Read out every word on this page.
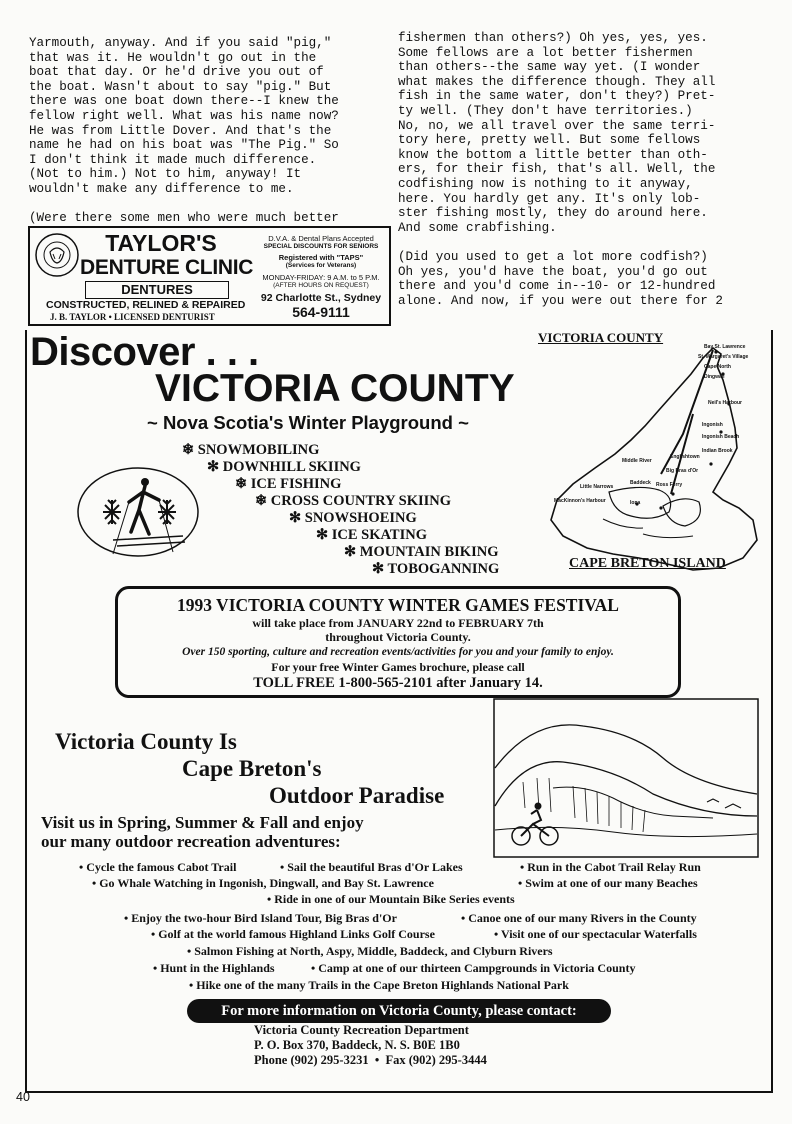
Yarmouth, anyway. And if you said "pig,"
that was it. He wouldn't go out in the
boat that day. Or he'd drive you out of
the boat. Wasn't about to say "pig." But
there was one boat down there--I knew the
fellow right well. What was his name now?
He was from Little Dover. And that's the
name he had on his boat was "The Pig." So
I don't think it made much difference.
(Not to him.) Not to him, anyway! It
wouldn't make any difference to me.
(Were there some men who were much better
fishermen than others?) Oh yes, yes, yes.
Some fellows are a lot better fishermen
than others--the same way yet. (I wonder
what makes the difference though. They all
fish in the same water, don't they?) Pret-
ty well. (They don't have territories.)
No, no, we all travel over the same terri-
tory here, pretty well. But some fellows
know the bottom a little better than oth-
ers, for their fish, that's all. Well, the
codfishing now is nothing to it anyway,
here. You hardly get any. It's only lob-
ster fishing mostly, they do around here.
And some crabfishing.
(Did you used to get a lot more codfish?)
Oh yes, you'd have the boat, you'd go out
there and you'd come in--10- or 12-hundred
alone. And now, if you were out there for 2
TAYLOR'S
DENTURE CLINIC
DENTURES
CONSTRUCTED, RELINED & REPAIRED
J. B. TAYLOR • LICENSED DENTURIST
D.V.A. & Dental Plans Accepted
SPECIAL DISCOUNTS FOR SENIORS
Registered with "TAPS"
(Services for Veterans)
MONDAY-FRIDAY: 9 A.M. to 5 P.M.
(AFTER HOURS ON REQUEST)
92 Charlotte St., Sydney
564-9111
Discover . . .
VICTORIA COUNTY
~ Nova Scotia's Winter Playground ~
❄ SNOWMOBILING
✻ DOWNHILL SKIING
❄ ICE FISHING
❄ CROSS COUNTRY SKIING
✻ SNOWSHOEING
✻ ICE SKATING
✻ MOUNTAIN BIKING
✻ TOBOGANNING
VICTORIA COUNTY
Bay St. Lawrence
St. Margaret's Village
Cape North
Dingwall
Neil's Harbour
Ingonish
Ingonish Beach
Indian Brook
Middle River
Englishtown
Big Bras d'Or
Baddeck
Little Narrows	Ross Ferry
MacKinnon's Harbour	Iona
CAPE BRETON ISLAND
1993 VICTORIA COUNTY WINTER GAMES FESTIVAL
will take place from JANUARY 22nd to FEBRUARY 7th
throughout Victoria County.
Over 150 sporting, culture and recreation events/activities for you and your family to enjoy.
For your free Winter Games brochure, please call
TOLL FREE 1-800-565-2101 after January 14.
Victoria County Is
Cape Breton's
Outdoor Paradise
Visit us in Spring, Summer & Fall and enjoy
our many outdoor recreation adventures:
• Cycle the famous Cabot Trail	• Sail the beautiful Bras d'Or Lakes	• Run in the Cabot Trail Relay Run
• Go Whale Watching in Ingonish, Dingwall, and Bay St. Lawrence	• Swim at one of our many Beaches
• Ride in one of our Mountain Bike Series events
• Enjoy the two-hour Bird Island Tour, Big Bras d'Or	• Canoe one of our many Rivers in the County
• Golf at the world famous Highland Links Golf Course	• Visit one of our spectacular Waterfalls
• Salmon Fishing at North, Aspy, Middle, Baddeck, and Clyburn Rivers
• Hunt in the Highlands	• Camp at one of our thirteen Campgrounds in Victoria County
• Hike one of the many Trails in the Cape Breton Highlands National Park
For more information on Victoria County, please contact:
Victoria County Recreation Department
P. O. Box 370, Baddeck, N. S. B0E 1B0
Phone (902) 295-3231  •  Fax (902) 295-3444
40
